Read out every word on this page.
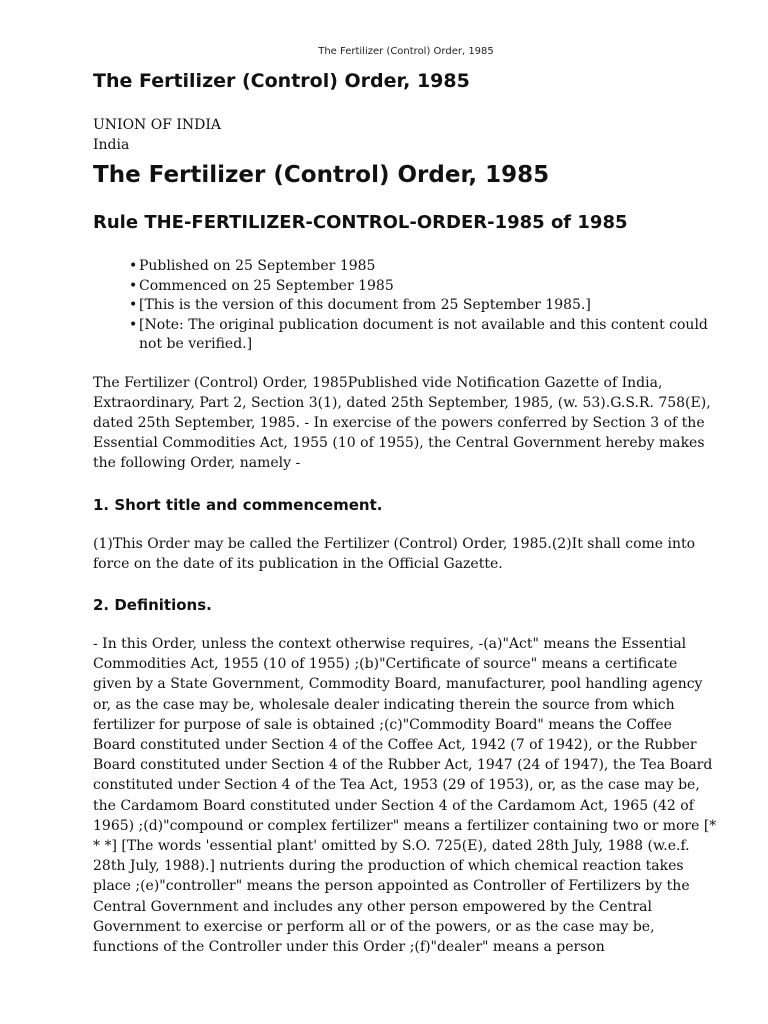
The Fertilizer (Control) Order, 1985
The Fertilizer (Control) Order, 1985
UNION OF INDIA
India
The Fertilizer (Control) Order, 1985
Rule THE-FERTILIZER-CONTROL-ORDER-1985 of 1985
• Published on 25 September 1985
• Commenced on 25 September 1985
• [This is the version of this document from 25 September 1985.]
• [Note: The original publication document is not available and this content could not be verified.]

The Fertilizer (Control) Order, 1985Published vide Notification Gazette of India, Extraordinary, Part 2, Section 3(1), dated 25th September, 1985, (w. 53).G.S.R. 758(E), dated 25th September, 1985. - In exercise of the powers conferred by Section 3 of the Essential Commodities Act, 1955 (10 of 1955), the Central Government hereby makes the following Order, namely -

1. Short title and commencement.

(1)This Order may be called the Fertilizer (Control) Order, 1985.(2)It shall come into force on the date of its publication in the Official Gazette.

2. Definitions.

- In this Order, unless the context otherwise requires, -(a)"Act" means the Essential Commodities Act, 1955 (10 of 1955) ;(b)"Certificate of source" means a certificate given by a State Government, Commodity Board, manufacturer, pool handling agency or, as the case may be, wholesale dealer indicating therein the source from which fertilizer for purpose of sale is obtained ;(c)"Commodity Board" means the Coffee Board constituted under Section 4 of the Coffee Act, 1942 (7 of 1942), or the Rubber Board constituted under Section 4 of the Rubber Act, 1947 (24 of 1947), the Tea Board constituted under Section 4 of the Tea Act, 1953 (29 of 1953), or, as the case may be, the Cardamom Board constituted under Section 4 of the Cardamom Act, 1965 (42 of 1965) ;(d)"compound or complex fertilizer" means a fertilizer containing two or more [* * *] [The words 'essential plant' omitted by S.O. 725(E), dated 28th July, 1988 (w.e.f. 28th July, 1988).] nutrients during the production of which chemical reaction takes place ;(e)"controller" means the person appointed as Controller of Fertilizers by the Central Government and includes any other person empowered by the Central Government to exercise or perform all or of the powers, or as the case may be, functions of the Controller under this Order ;(f)"dealer" means a person
